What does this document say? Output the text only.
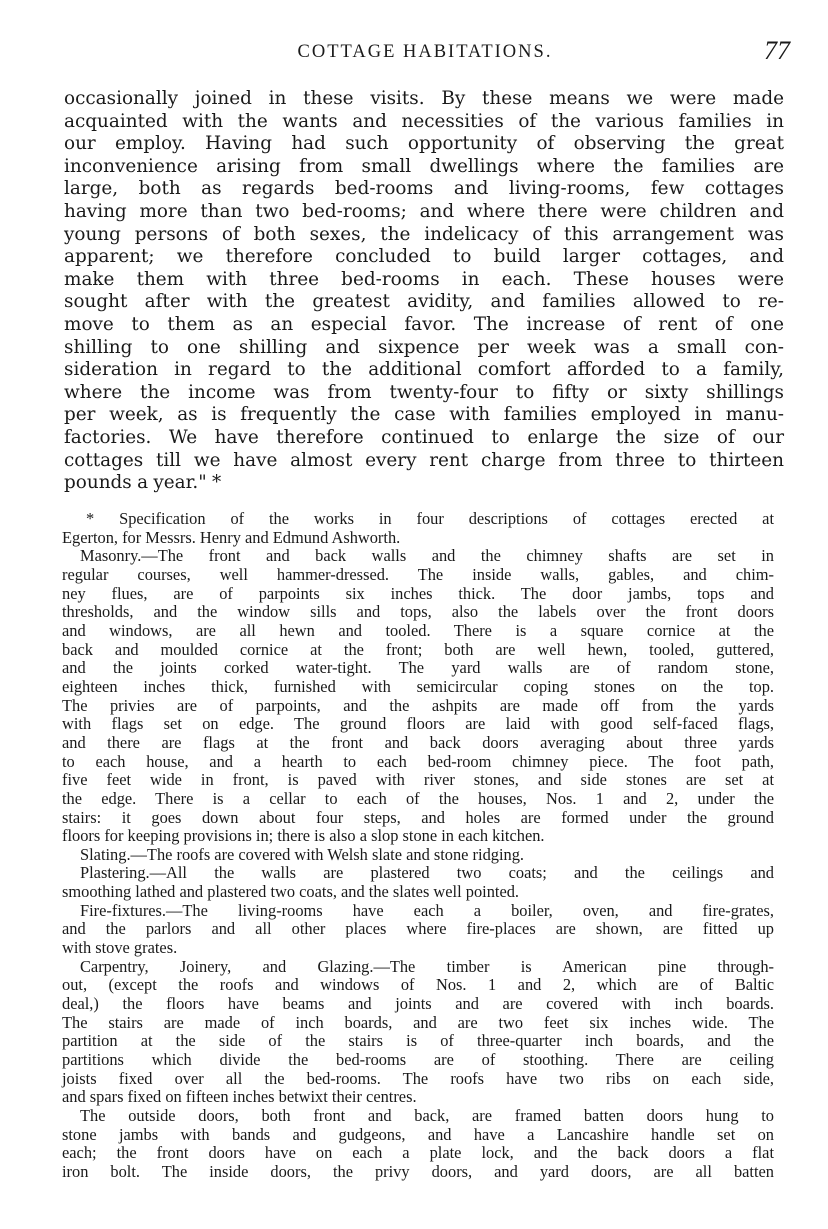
COTTAGE HABITATIONS.	77
occasionally joined in these visits. By these means we were made
acquainted with the wants and necessities of the various families in
our employ. Having had such opportunity of observing the great
inconvenience arising from small dwellings where the families are
large, both as regards bed-rooms and living-rooms, few cottages
having more than two bed-rooms; and where there were children and
young persons of both sexes, the indelicacy of this arrangement was
apparent; we therefore concluded to build larger cottages, and
make them with three bed-rooms in each. These houses were
sought after with the greatest avidity, and families allowed to re-
move to them as an especial favor. The increase of rent of one
shilling to one shilling and sixpence per week was a small con-
sideration in regard to the additional comfort afforded to a family,
where the income was from twenty-four to fifty or sixty shillings
per week, as is frequently the case with families employed in manu-
factories. We have therefore continued to enlarge the size of our
cottages till we have almost every rent charge from three to thirteen
pounds a year." *
* Specification of the works in four descriptions of cottages erected at
Egerton, for Messrs. Henry and Edmund Ashworth.
Masonry.—The front and back walls and the chimney shafts are set in
regular courses, well hammer-dressed. The inside walls, gables, and chim-
ney flues, are of parpoints six inches thick. The door jambs, tops and
thresholds, and the window sills and tops, also the labels over the front doors
and windows, are all hewn and tooled. There is a square cornice at the
back and moulded cornice at the front; both are well hewn, tooled, guttered,
and the joints corked water-tight. The yard walls are of random stone,
eighteen inches thick, furnished with semicircular coping stones on the top.
The privies are of parpoints, and the ashpits are made off from the yards
with flags set on edge. The ground floors are laid with good self-faced flags,
and there are flags at the front and back doors averaging about three yards
to each house, and a hearth to each bed-room chimney piece. The foot path,
five feet wide in front, is paved with river stones, and side stones are set at
the edge. There is a cellar to each of the houses, Nos. 1 and 2, under the
stairs: it goes down about four steps, and holes are formed under the ground
floors for keeping provisions in; there is also a slop stone in each kitchen.
Slating.—The roofs are covered with Welsh slate and stone ridging.
Plastering.—All the walls are plastered two coats; and the ceilings and
smoothing lathed and plastered two coats, and the slates well pointed.
Fire-fixtures.—The living-rooms have each a boiler, oven, and fire-grates,
and the parlors and all other places where fire-places are shown, are fitted up
with stove grates.
Carpentry, Joinery, and Glazing.—The timber is American pine through-
out, (except the roofs and windows of Nos. 1 and 2, which are of Baltic
deal,) the floors have beams and joints and are covered with inch boards.
The stairs are made of inch boards, and are two feet six inches wide. The
partition at the side of the stairs is of three-quarter inch boards, and the
partitions which divide the bed-rooms are of stoothing. There are ceiling
joists fixed over all the bed-rooms. The roofs have two ribs on each side,
and spars fixed on fifteen inches betwixt their centres.
The outside doors, both front and back, are framed batten doors hung to
stone jambs with bands and gudgeons, and have a Lancashire handle set on
each; the front doors have on each a plate lock, and the back doors a flat
iron bolt. The inside doors, the privy doors, and yard doors, are all batten
